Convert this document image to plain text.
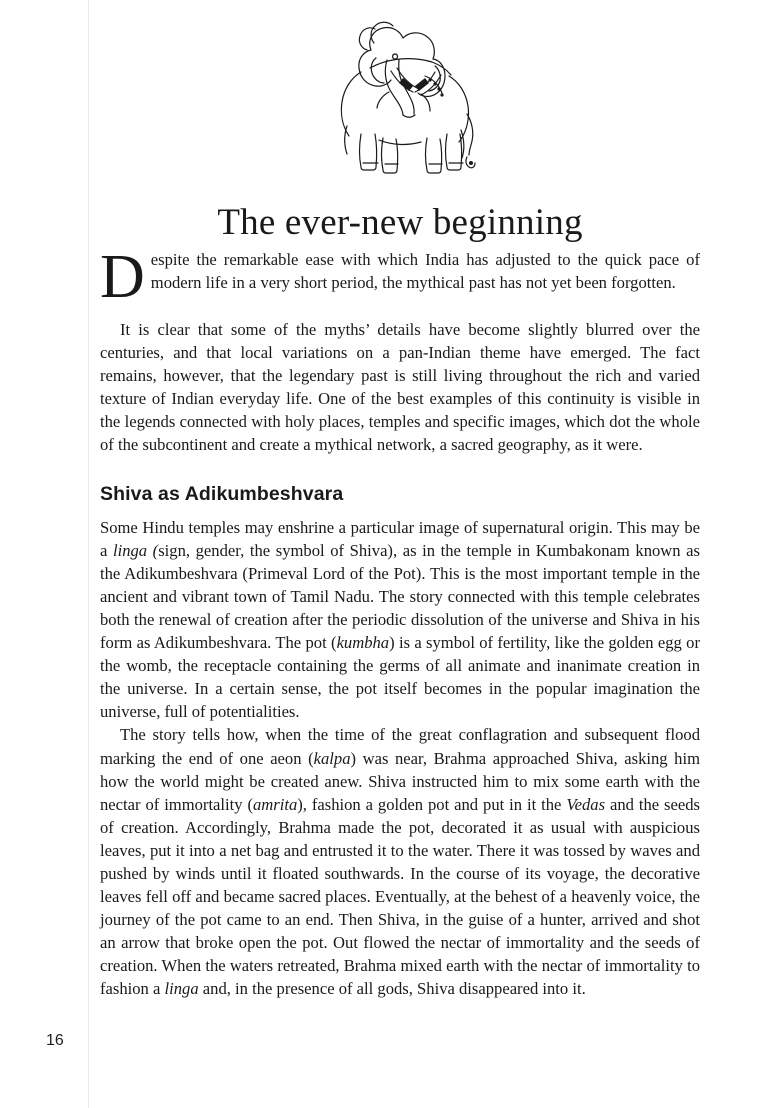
The ever-new beginning

Despite the remarkable ease with which India has adjusted to the quick pace of modern life in a very short period, the mythical past has not yet been forgotten.

It is clear that some of the myths’ details have become slightly blurred over the centuries, and that local variations on a pan-Indian theme have emerged. The fact remains, however, that the legendary past is still living throughout the rich and varied texture of Indian everyday life. One of the best examples of this continuity is visible in the legends connected with holy places, temples and specific images, which dot the whole of the subcontinent and create a mythical network, a sacred geography, as it were.

Shiva as Adikumbeshvara

Some Hindu temples may enshrine a particular image of supernatural origin. This may be a linga (sign, gender, the symbol of Shiva), as in the temple in Kumbakonam known as the Adikumbeshvara (Primeval Lord of the Pot). This is the most important temple in the ancient and vibrant town of Tamil Nadu. The story connected with this temple celebrates both the renewal of creation after the periodic dissolution of the universe and Shiva in his form as Adikumbeshvara. The pot (kumbha) is a symbol of fertility, like the golden egg or the womb, the receptacle containing the germs of all animate and inanimate creation in the universe. In a certain sense, the pot itself becomes in the popular imagination the universe, full of potentialities.

The story tells how, when the time of the great conflagration and subsequent flood marking the end of one aeon (kalpa) was near, Brahma approached Shiva, asking him how the world might be created anew. Shiva instructed him to mix some earth with the nectar of immortality (amrita), fashion a golden pot and put in it the Vedas and the seeds of creation. Accordingly, Brahma made the pot, decorated it as usual with auspicious leaves, put it into a net bag and entrusted it to the water. There it was tossed by waves and pushed by winds until it floated southwards. In the course of its voyage, the decorative leaves fell off and became sacred places. Eventually, at the behest of a heavenly voice, the journey of the pot came to an end. Then Shiva, in the guise of a hunter, arrived and shot an arrow that broke open the pot. Out flowed the nectar of immortality and the seeds of creation. When the waters retreated, Brahma mixed earth with the nectar of immortality to fashion a linga and, in the presence of all gods, Shiva disappeared into it.

16
